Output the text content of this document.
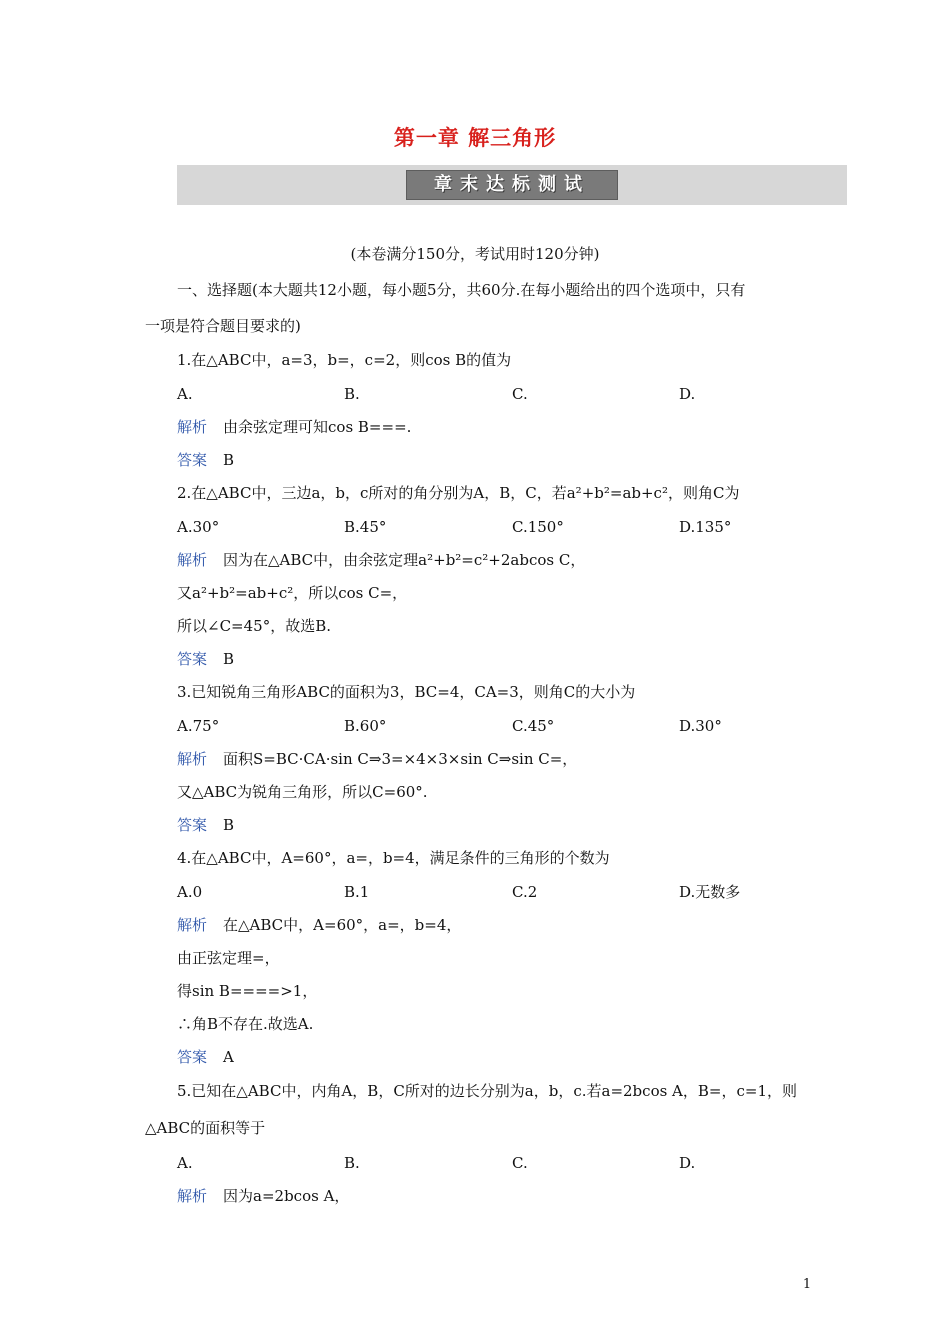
第一章 解三角形
章末达标测试
(本卷满分150分，考试用时120分钟)
一、选择题(本大题共12小题，每小题5分，共60分.在每小题给出的四个选项中，只有
一项是符合题目要求的)
1.在△ABC中，a=3，b=，c=2，则cos B的值为
A.	B.	C.	D.
解析 由余弦定理可知cos B===.
答案 B
2.在△ABC中，三边a，b，c所对的角分别为A，B，C，若a²+b²=ab+c²，则角C为
A.30°	B.45°	C.150°	D.135°
解析 因为在△ABC中，由余弦定理a²+b²=c²+2abcos C，
又a²+b²=ab+c²，所以cos C=，
所以∠C=45°，故选B.
答案 B
3.已知锐角三角形ABC的面积为3，BC=4，CA=3，则角C的大小为
A.75°	B.60°	C.45°	D.30°
解析 面积S=BC·CA·sin C⇒3=×4×3×sin C⇒sin C=，
又△ABC为锐角三角形，所以C=60°.
答案 B
4.在△ABC中，A=60°，a=，b=4，满足条件的三角形的个数为
A.0	B.1	C.2	D.无数多
解析 在△ABC中，A=60°，a=，b=4，
由正弦定理=，
得sin B====>1，
∴角B不存在.故选A.
答案 A
5.已知在△ABC中，内角A，B，C所对的边长分别为a，b，c.若a=2bcos A，B=，c=1，则
△ABC的面积等于
A.	B.	C.	D.
解析 因为a=2bcos A，
1
